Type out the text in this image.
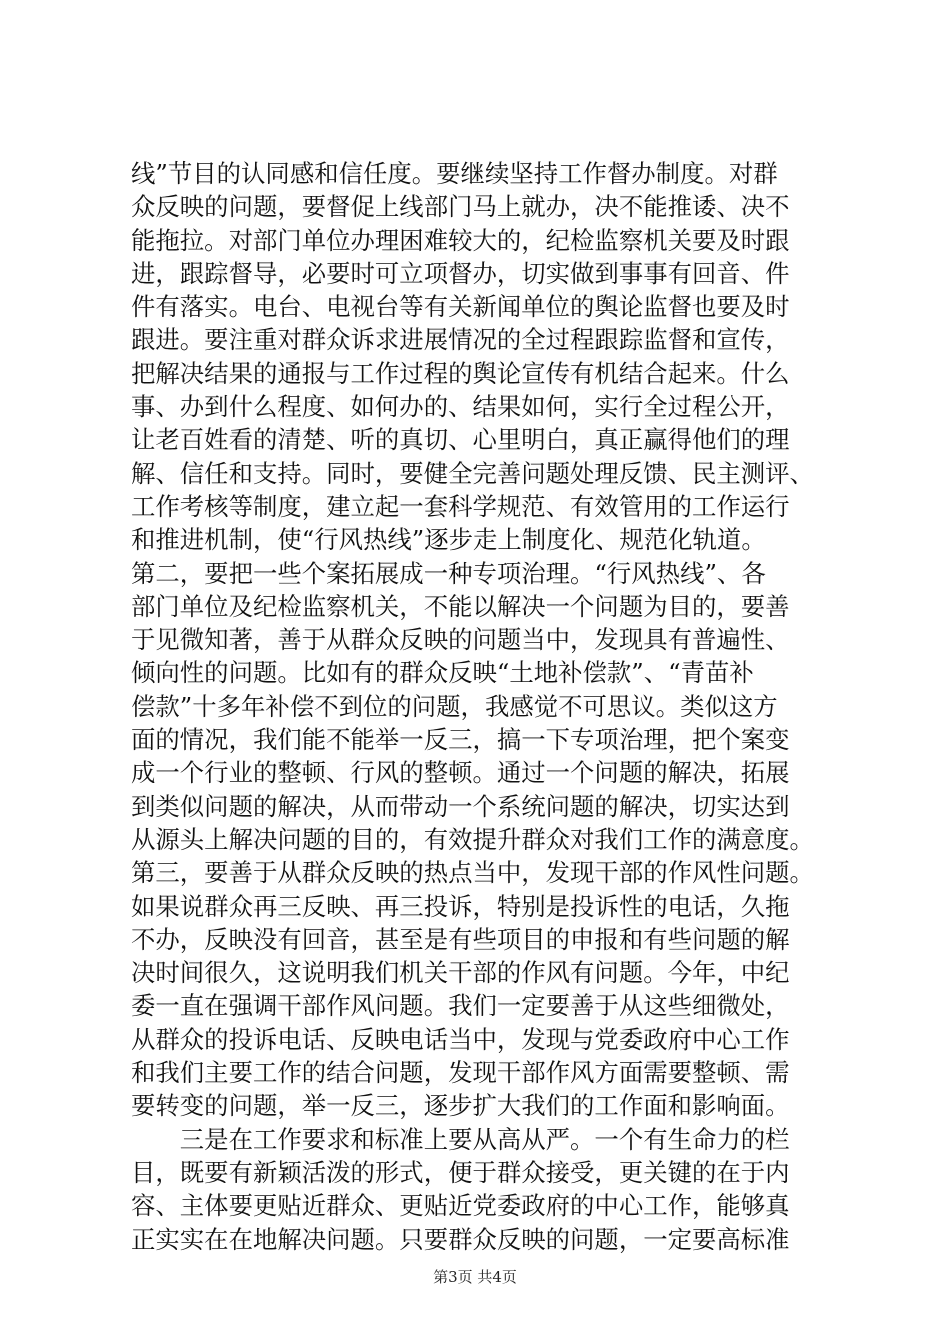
线”节目的认同感和信任度。要继续坚持工作督办制度。对群
众反映的问题，要督促上线部门马上就办，决不能推诿、决不
能拖拉。对部门单位办理困难较大的，纪检监察机关要及时跟
进，跟踪督导，必要时可立项督办，切实做到事事有回音、件
件有落实。电台、电视台等有关新闻单位的舆论监督也要及时
跟进。要注重对群众诉求进展情况的全过程跟踪监督和宣传，
把解决结果的通报与工作过程的舆论宣传有机结合起来。什么
事、办到什么程度、如何办的、结果如何，实行全过程公开，
让老百姓看的清楚、听的真切、心里明白，真正赢得他们的理
解、信任和支持。同时，要健全完善问题处理反馈、民主测评、
工作考核等制度，建立起一套科学规范、有效管用的工作运行
和推进机制，使“行风热线”逐步走上制度化、规范化轨道。
第二，要把一些个案拓展成一种专项治理。“行风热线”、各
部门单位及纪检监察机关，不能以解决一个问题为目的，要善
于见微知著，善于从群众反映的问题当中，发现具有普遍性、
倾向性的问题。比如有的群众反映“土地补偿款”、“青苗补
偿款”十多年补偿不到位的问题，我感觉不可思议。类似这方
面的情况，我们能不能举一反三，搞一下专项治理，把个案变
成一个行业的整顿、行风的整顿。通过一个问题的解决，拓展
到类似问题的解决，从而带动一个系统问题的解决，切实达到
从源头上解决问题的目的，有效提升群众对我们工作的满意度。
第三，要善于从群众反映的热点当中，发现干部的作风性问题。
如果说群众再三反映、再三投诉，特别是投诉性的电话，久拖
不办，反映没有回音，甚至是有些项目的申报和有些问题的解
决时间很久，这说明我们机关干部的作风有问题。今年，中纪
委一直在强调干部作风问题。我们一定要善于从这些细微处，
从群众的投诉电话、反映电话当中，发现与党委政府中心工作
和我们主要工作的结合问题，发现干部作风方面需要整顿、需
要转变的问题，举一反三，逐步扩大我们的工作面和影响面。
　　三是在工作要求和标准上要从高从严。一个有生命力的栏
目，既要有新颖活泼的形式，便于群众接受，更关键的在于内
容、主体要更贴近群众、更贴近党委政府的中心工作，能够真
正实实在在地解决问题。只要群众反映的问题，一定要高标准
第3页 共4页
